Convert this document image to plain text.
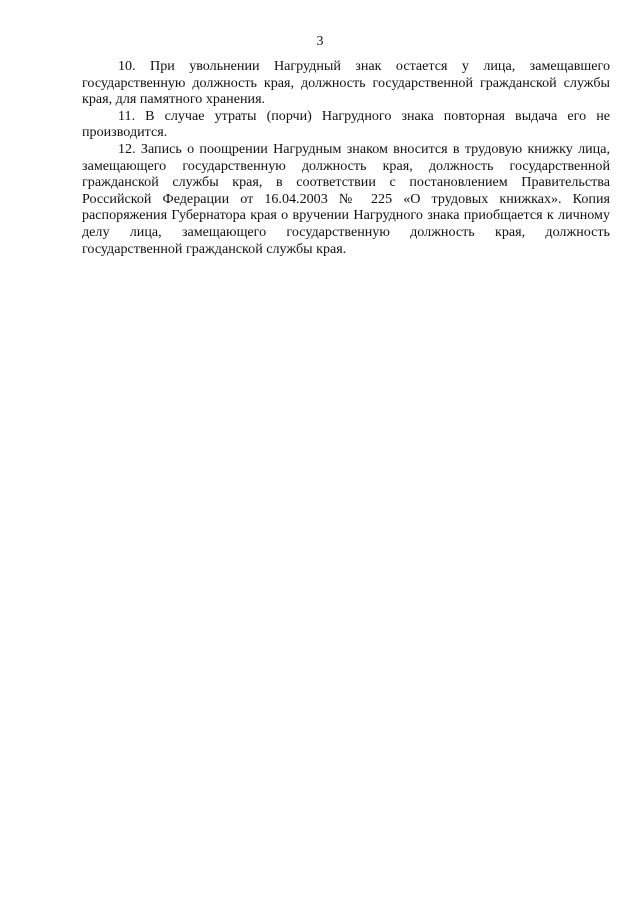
3

10. При увольнении Нагрудный знак остается у лица, замещавшего государственную должность края, должность государственной гражданской службы края, для памятного хранения.

11. В случае утраты (порчи) Нагрудного знака повторная выдача его не производится.

12. Запись о поощрении Нагрудным знаком вносится в трудовую книжку лица, замещающего государственную должность края, должность государственной гражданской службы края, в соответствии с постановлением Правительства Российской Федерации от 16.04.2003 № 225 «О трудовых книжках». Копия распоряжения Губернатора края о вручении Нагрудного знака приобщается к личному делу лица, замещающего государственную должность края, должность государственной гражданской службы края.
